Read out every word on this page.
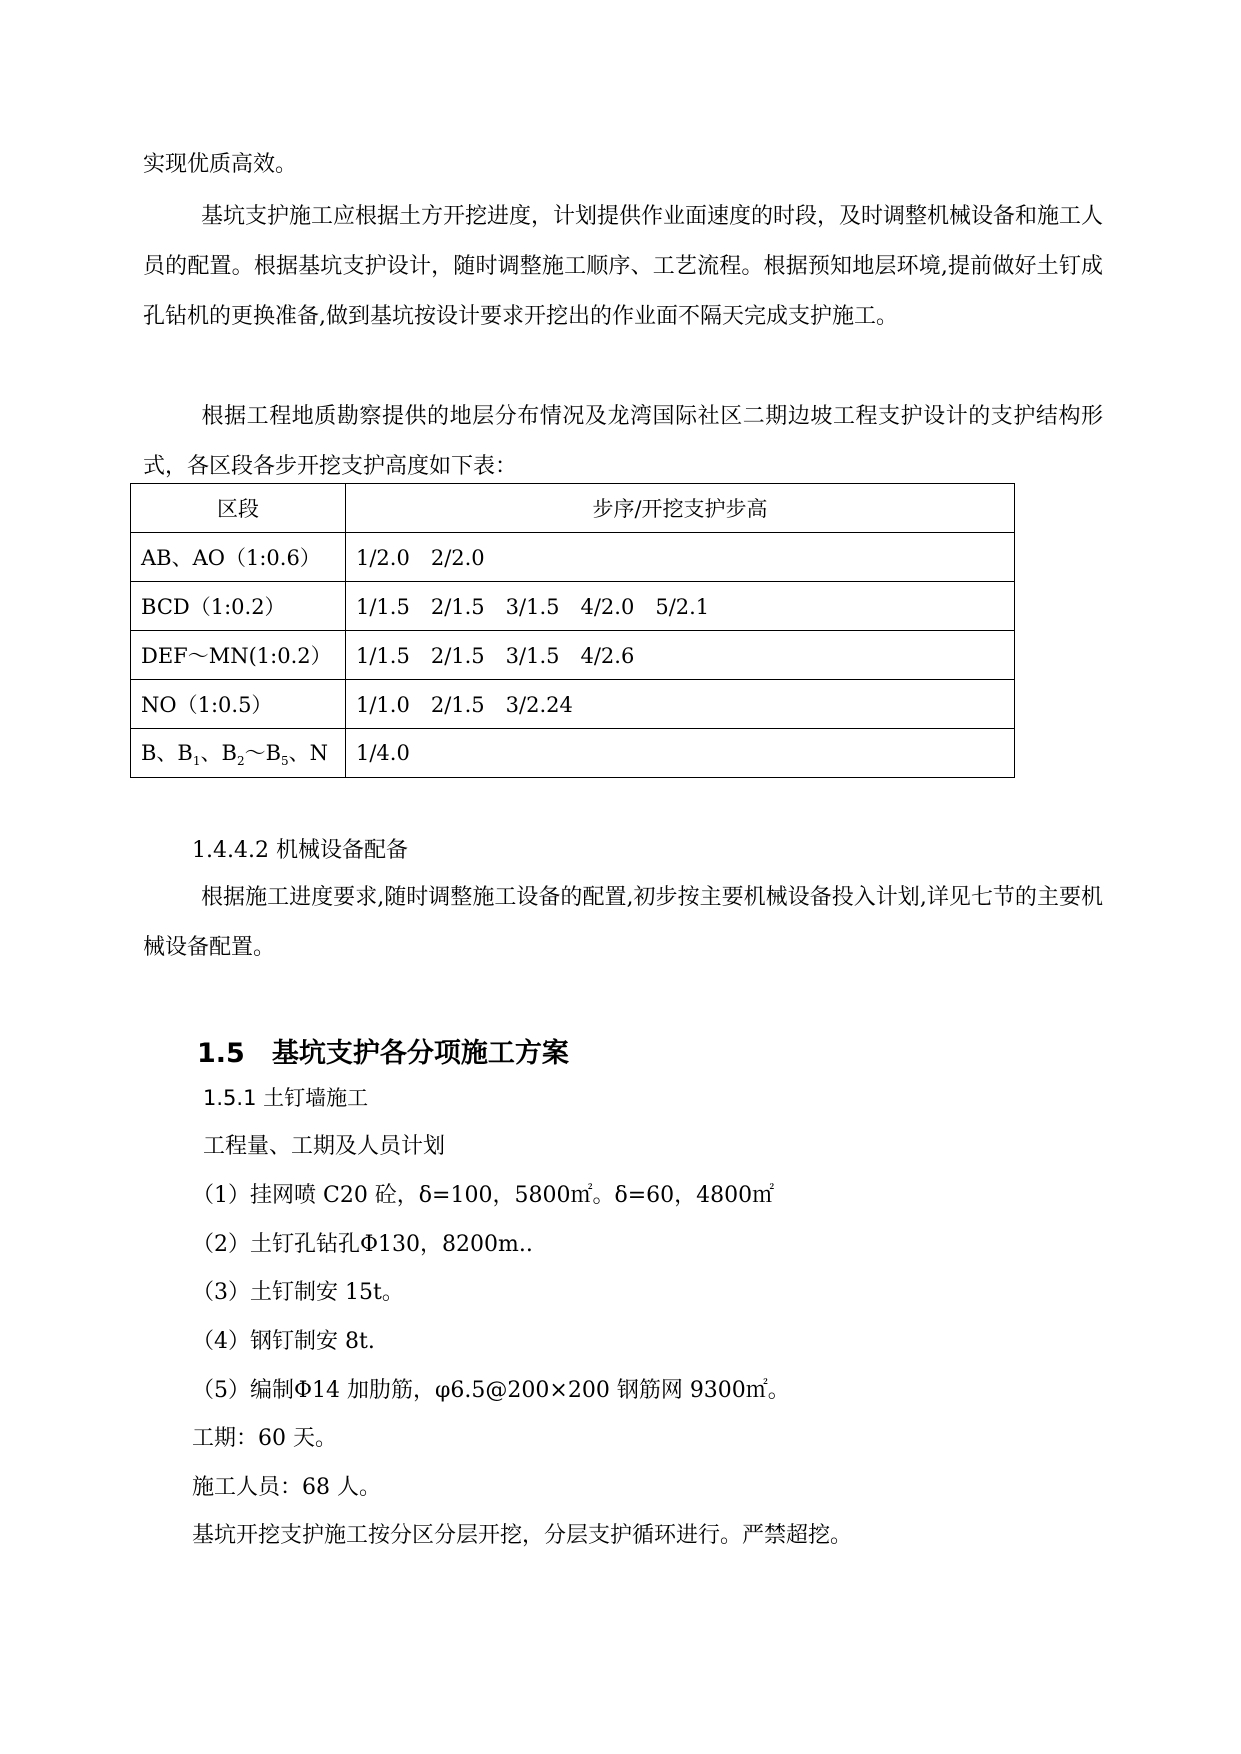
实现优质高效。
基坑支护施工应根据土方开挖进度，计划提供作业面速度的时段，及时调整机械设备和施工人员的配置。根据基坑支护设计，随时调整施工顺序、工艺流程。根据预知地层环境,提前做好土钉成孔钻机的更换准备,做到基坑按设计要求开挖出的作业面不隔天完成支护施工。
根据工程地质勘察提供的地层分布情况及龙湾国际社区二期边坡工程支护设计的支护结构形式，各区段各步开挖支护高度如下表：
区段	步序/开挖支护步高
AB、AO（1:0.6）	1/2.0　2/2.0
BCD（1:0.2）	1/1.5　2/1.5　3/1.5　4/2.0　5/2.1
DEF～MN(1:0.2）	1/1.5　2/1.5　3/1.5　4/2.6
NO（1:0.5）	1/1.0　2/1.5　3/2.24
B、$B_1$、$B_2\sim B_5$、N	1/4.0
1.4.4.2 机械设备配备
根据施工进度要求,随时调整施工设备的配置,初步按主要机械设备投入计划,详见七节的主要机械设备配置。
1.5　基坑支护各分项施工方案
1.5.1 土钉墙施工
工程量、工期及人员计划
（1）挂网喷 C20 砼，δ=100，5800㎡。δ=60，4800㎡
（2）土钉孔钻孔Φ130，8200m..
（3）土钉制安 15t。
（4）钢钉制安 8t.
（5）编制Φ14 加肋筋，φ6.5@200×200 钢筋网 9300㎡。
工期：60 天。
施工人员：68 人。
基坑开挖支护施工按分区分层开挖，分层支护循环进行。严禁超挖。
